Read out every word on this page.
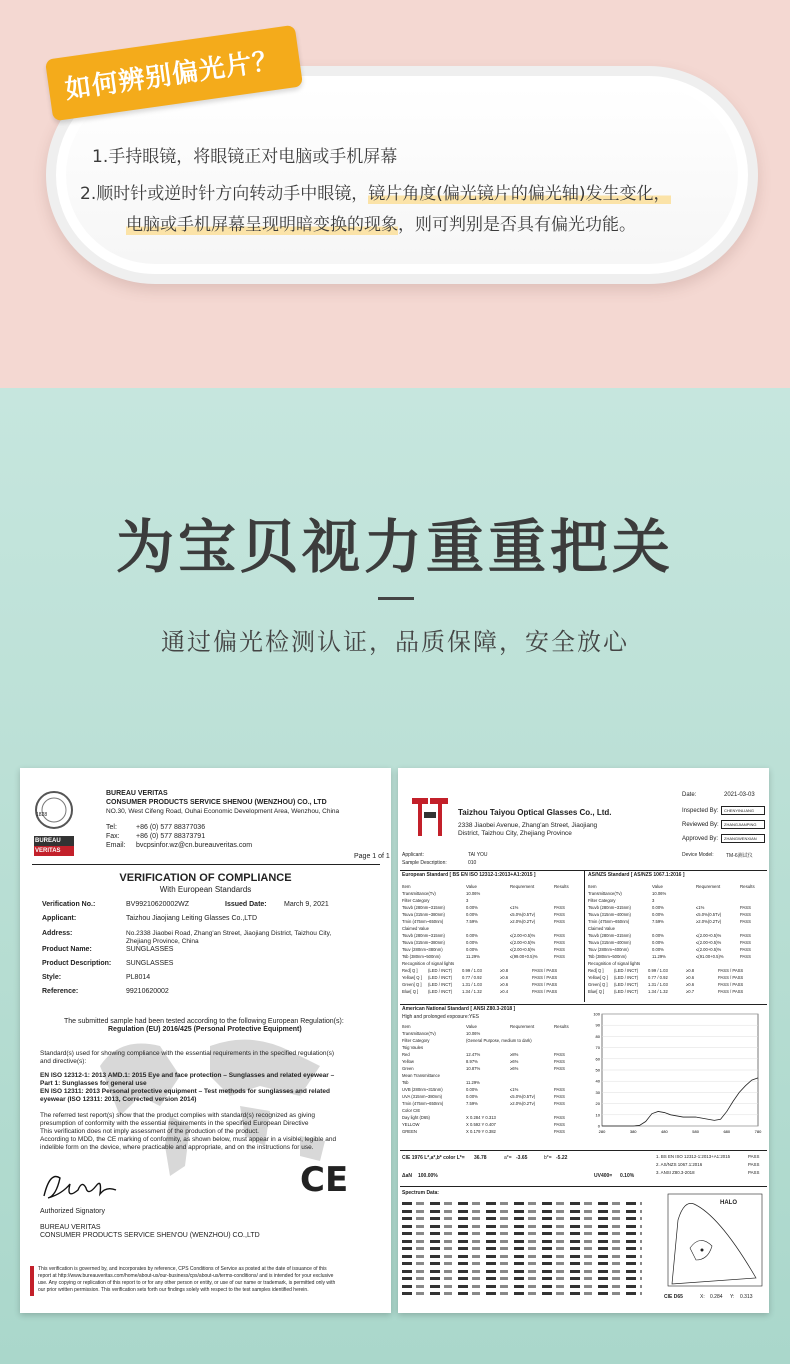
如何辨别偏光片？
1.手持眼镜，将眼镜正对电脑或手机屏幕
2.顺时针或逆时针方向转动手中眼镜，镜片角度(偏光镜片的偏光轴)发生变化，
电脑或手机屏幕呈现明暗变换的现象，则可判别是否具有偏光功能。
为宝贝视力重重把关
通过偏光检测认证，品质保障，安全放心
1828
BUREAU
VERITAS
BUREAU VERITAS
CONSUMER PRODUCTS SERVICE SHENOU (WENZHOU) CO., LTD
NO.30, West Cifeng Road, Ouhai Economic Development Area, Wenzhou, China
Tel:	+86 (0) 577 88377036
Fax: +86 (0) 577 88373791
Email: bvcpsinfor.wz@cn.bureauveritas.com
Page 1 of 1
VERIFICATION OF COMPLIANCE
With European Standards
Verification No.:	BV99210620002WZ	Issued Date: March 9, 2021
Applicant:	Taizhou Jiaojiang Leiting Glasses Co.,LTD
Address:	No.2338 Jiaobei Road, Zhang'an Street, Jiaojiang District, Taizhou City,
Zhejiang Province, China
Product Name:	SUNGLASSES
Product Description: SUNGLASSES
Style:	PL8014
Reference:	99210620002
The submitted sample had been tested according to the following European Regulation(s):
Regulation (EU) 2016/425 (Personal Protective Equipment)
Standard(s) used for showing compliance with the essential requirements in the specified regulation(s)
and directive(s):
EN ISO 12312-1: 2013 AMD.1: 2015 Eye and face protection – Sunglasses and related eyewear –
Part 1: Sunglasses for general use
EN ISO 12311: 2013 Personal protective equipment – Test methods for sunglasses and related
eyewear (ISO 12311: 2013, Corrected version 2014)
The referred test report(s) show that the product complies with standard(s) recognized as giving
presumption of conformity with the essential requirements in the specified European Directive
This verification does not imply assessment of the production of the product.
According to MDD, the CE marking of conformity, as shown below, must appear in a visible, legible and
indelible form on the device, where practicable and appropriate, and on the instructions for use.
CE
Authorized Signatory
BUREAU VERITAS
CONSUMER PRODUCTS SERVICE SHEN'OU (WENZHOU) CO.,LTD
This verification is governed by, and incorporates by reference, CPS Conditions of Service as posted at the date of issuance of this
report at http://www.bureauveritas.com/home/about-us/our-business/cps/about-us/terms-conditions/ and is intended for your exclusive
use. Any copying or replication of this report to or for any other person or entity, or use of our name or trademark, is permitted only with
our prior written permission. This verification sets forth our findings solely with respect to the test samples identified herein.
Taizhou Taiyou Optical Glasses Co., Ltd.
2338 Jiaobei Avenue, Zhang'an Street, Jiaojiang
District, Taizhou City, Zhejiang Province
Date:	2021-03-03
Inspected By:	CHENYINLIANG
Reviewed By:	ZHANGJIANPING
Approved By:	ZHANGWENXIAN
Device Model: TM-6测试仪
Applicant:	TAI YOU
Sample Description:	010
European Standard [ BS EN ISO 12312-1:2013+A1:2015 ]	AS/NZS Standard [ AS/NZS 1067.1:2016 ]
Item	Value	Requrement	Results
Transmittance(Tv)	10.06%
Filter Category	3
Tsuvb (280nm~315nm)	0.00%	≤1%	PASS
Tsuva (315nm~380nm)	0.00%	≤5.0%(0.5Tv)	PASS
Tmin (475nm~650nm)	7.59%	≥2.0%(0.2Tv)	PASS
Claimed Value
Tsuvb (280nm~315nm)	0.00%	≤(2.00+0.5)%	PASS
Tsuva (315nm~380nm)	0.00%	≤(2.00+0.5)%	PASS
Tsuv (280nm~380nm)	0.00%	≤(2.00+0.5)%	PASS
Tsb (380nm~500nm)	11.29%	≤(99.00+0.5)%	PASS
Recognition of signal lights
Red[ Q ] (LED / INCT) 0.99 / 1.03	≥0.8	PASS / PASS
Yellow[ Q ] (LED / INCT) 0.77 / 0.92	≥0.6	PASS / PASS
Green[ Q ] (LED / INCT) 1.31 / 1.03	≥0.6	PASS / PASS
Blue[ Q ] (LED / INCT) 1.34 / 1.32	≥0.4	PASS / PASS
Item	Value	Requrement	Results
Transmittance(Tv)	10.06%
Filter Category	3
Tsuvb (280nm~315nm)	0.00%	≤1%	PASS
Tsuva (315nm~400nm)	0.00%	≤5.0%(0.5Tv)	PASS
Tmin (475nm~650nm)	7.59%	≥2.0%(0.2Tv)	PASS
Claimed Value
Tsuvb (280nm~315nm)	0.00%	≤(2.00+0.5)%	PASS
Tsuva (315nm~400nm)	0.00%	≤(2.00+0.5)%	PASS
Tsuv (280nm~400nm)	0.00%	≤(2.00+0.5)%	PASS
Tsb (380nm~500nm)	11.29%	≤(91.00+0.5)%	PASS
Recognition of signal lights
Red[ Q ] (LED / INCT) 0.99 / 1.03	≥0.8	PASS / PASS
Yellow[ Q ] (LED / INCT) 0.77 / 0.92	≥0.6	PASS / PASS
Green[ Q ] (LED / INCT) 1.31 / 1.03	≥0.6	PASS / PASS
Blue[ Q ] (LED / INCT) 1.34 / 1.32	≥0.7	PASS / PASS
American National Standard [ ANSI Z80.3-2018 ]
High and prolonged exposure:YES
Item	Value	Requrement	Results
Transmittance(Tv)	10.06%
Filter Category	(General Purpose, medium to dark)
Tsig Vaules
Red	12.47%	≥8%	PASS
Yellow	8.97%	≥6%	PASS
Green	10.87%	≥6%	PASS
Mean Transmittance
Tsb	11.29%
UVB (280nm~315nm)	0.00%	≤1%	PASS
UVA (315nm~380nm)	0.00%	≤5.0%(0.5Tv)	PASS
Tmin (475nm~650nm)	7.59%	≥2.0%(0.2Tv)	PASS
Color CIE
Day light (D65)	X 0.284 Y 0.313	PASS
YELLOW	X 0.592 Y 0.407	PASS
GREEN	X 0.179 Y 0.382	PASS
100
90
80
70
60
50
40
30
20
10
0
280	380	480	580	680	780
CIE 1976 L*,a*,b* color L*= 36.78	a*= -3.65	b*= -5.22
ΔaN 100.00%	UV400= 0.10%
1. BS EN ISO 12312-1:2013+A1:2015	PASS
2. AS/NZS 1067.1:2016	PASS
3. ANSI Z80.3-2018	PASS
Spectrum Data:
HALO
CIE D65	X: 0.284 Y: 0.313
